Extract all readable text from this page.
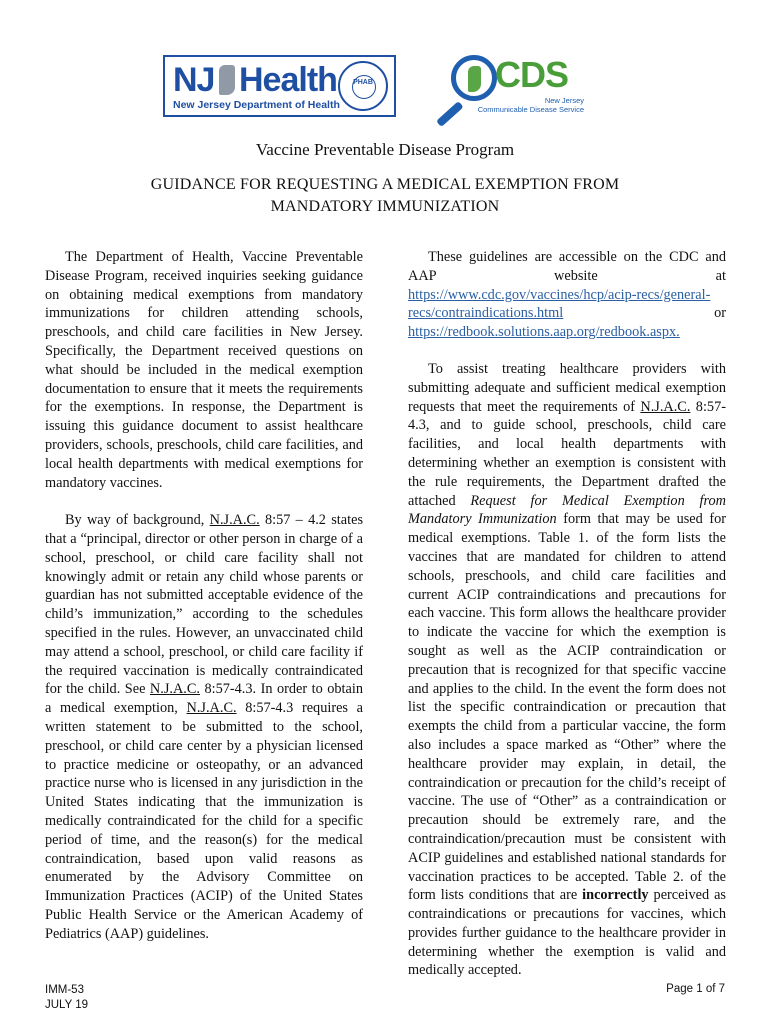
NJ Health
New Jersey Department of Health
PHAB	CDS
New Jersey
Communicable Disease Service
Vaccine Preventable Disease Program
GUIDANCE FOR REQUESTING A MEDICAL EXEMPTION FROM MANDATORY IMMUNIZATION

The Department of Health, Vaccine Preventable Disease Program, received inquiries seeking guidance on obtaining medical exemptions from mandatory immunizations for children attending schools, preschools, and child care facilities in New Jersey. Specifically, the Department received questions on what should be included in the medical exemption documentation to ensure that it meets the requirements for the exemptions. In response, the Department is issuing this guidance document to assist healthcare providers, schools, preschools, child care facilities, and local health departments with medical exemptions for mandatory vaccines.

By way of background, N.J.A.C. 8:57 – 4.2 states that a “principal, director or other person in charge of a school, preschool, or child care facility shall not knowingly admit or retain any child whose parents or guardian has not submitted acceptable evidence of the child’s immunization,” according to the schedules specified in the rules. However, an unvaccinated child may attend a school, preschool, or child care facility if the required vaccination is medically contraindicated for the child. See N.J.A.C. 8:57-4.3. In order to obtain a medical exemption, N.J.A.C. 8:57-4.3 requires a written statement to be submitted to the school, preschool, or child care center by a physician licensed to practice medicine or osteopathy, or an advanced practice nurse who is licensed in any jurisdiction in the United States indicating that the immunization is medically contraindicated for the child for a specific period of time, and the reason(s) for the medical contraindication, based upon valid reasons as enumerated by the Advisory Committee on Immunization Practices (ACIP) of the United States Public Health Service or the American Academy of Pediatrics (AAP) guidelines.

These guidelines are accessible on the CDC and AAP website at https://www.cdc.gov/vaccines/hcp/acip-recs/general-recs/contraindications.html or https://redbook.solutions.aap.org/redbook.aspx.

To assist treating healthcare providers with submitting adequate and sufficient medical exemption requests that meet the requirements of N.J.A.C. 8:57-4.3, and to guide school, preschools, child care facilities, and local health departments with determining whether an exemption is consistent with the rule requirements, the Department drafted the attached Request for Medical Exemption from Mandatory Immunization form that may be used for medical exemptions. Table 1. of the form lists the vaccines that are mandated for children to attend schools, preschools, and child care facilities and current ACIP contraindications and precautions for each vaccine. This form allows the healthcare provider to indicate the vaccine for which the exemption is sought as well as the ACIP contraindication or precaution that is recognized for that specific vaccine and applies to the child. In the event the form does not list the specific contraindication or precaution that exempts the child from a particular vaccine, the form also includes a space marked as “Other” where the healthcare provider may explain, in detail, the contraindication or precaution for the child’s receipt of vaccine. The use of “Other” as a contraindication or precaution should be extremely rare, and the contraindication/precaution must be consistent with ACIP guidelines and established national standards for vaccination practices to be accepted. Table 2. of the form lists conditions that are incorrectly perceived as contraindications or precautions for vaccines, which provides further guidance to the healthcare provider in determining whether the exemption is valid and medically accepted.

IMM-53
JULY 19
Page 1 of 7
